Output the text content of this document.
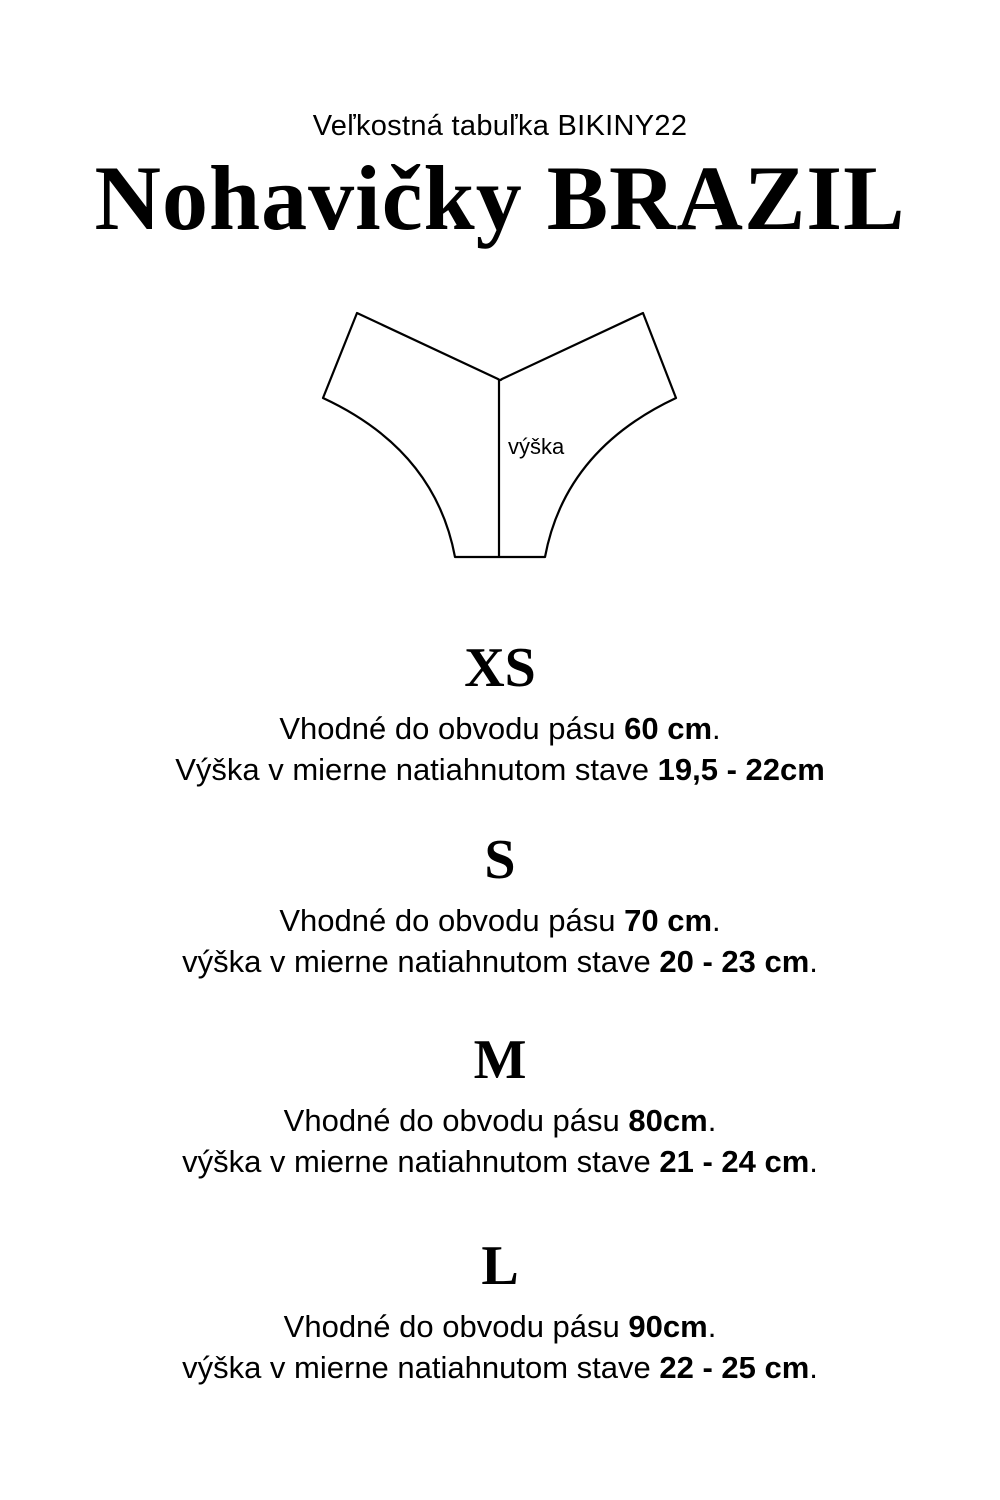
Veľkostná tabuľka BIKINY22
Nohavičky BRAZIL
výška
XS
Vhodné do obvodu pásu 60 cm.
Výška v mierne natiahnutom stave 19,5 - 22cm
S
Vhodné do obvodu pásu 70 cm.
výška v mierne natiahnutom stave 20 - 23 cm.
M
Vhodné do obvodu pásu 80cm.
výška v mierne natiahnutom stave 21 - 24 cm.
L
Vhodné do obvodu pásu 90cm.
výška v mierne natiahnutom stave 22 - 25 cm.
